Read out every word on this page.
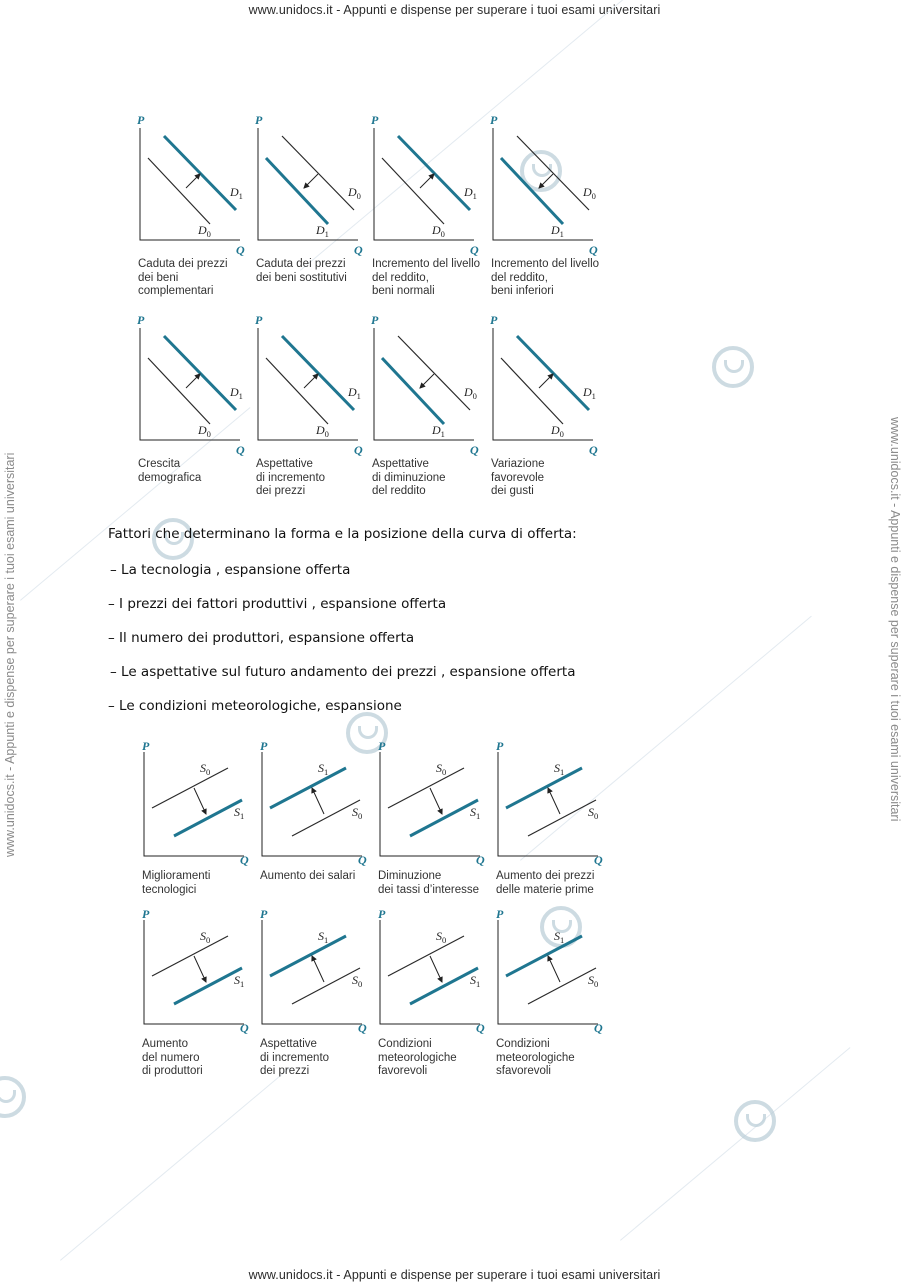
www.unidocs.it - Appunti e dispense per superare i tuoi esami universitari
www.unidocs.it - Appunti e dispense per superare i tuoi esami universitari
www.unidocs.it - Appunti e dispense per superare i tuoi esami universitari	www.unidocs.it - Appunti e dispense per superare i tuoi esami universitari
P
Q
$D_1$
$D_0$
P
Q
$D_0$
$D_1$
P
Q
$D_1$
$D_0$
P
Q
$D_0$
$D_1$
P
Q
$D_1$
$D_0$
P
Q
$D_1$
$D_0$
P
Q
$D_0$
$D_1$
P
Q
$D_1$
$D_0$
Caduta dei prezzi
dei beni
complementari
Caduta dei prezzi
dei beni sostitutivi
Incremento del livello
del reddito,
beni normali
Incremento del livello
del reddito,
beni inferiori
Crescita
demografica
Aspettative
di incremento
dei prezzi
Aspettative
di diminuzione
del reddito
Variazione
favorevole
dei gusti
Fattori che determinano la forma e la posizione della curva di offerta:
– La tecnologia , espansione offerta
– I prezzi dei fattori produttivi , espansione offerta
– Il numero dei produttori, espansione offerta
– Le aspettative sul futuro andamento dei prezzi , espansione offerta
– Le condizioni meteorologiche, espansione
P
Q
$S_0$
$S_1$
P
Q
$S_1$
$S_0$
P
Q
$S_0$
$S_1$
P
Q
$S_1$
$S_0$
P
Q
$S_0$
$S_1$
P
Q
$S_1$
$S_0$
P
Q
$S_0$
$S_1$
P
Q
$S_1$
$S_0$
Miglioramenti
tecnologici
Aumento dei salari Diminuzione
dei tassi d’interesse
Aumento dei prezzi
delle materie prime
Aumento
del numero
di produttori
Aspettative
di incremento
dei prezzi
Condizioni
meteorologiche
favorevoli
Condizioni
meteorologiche
sfavorevoli
